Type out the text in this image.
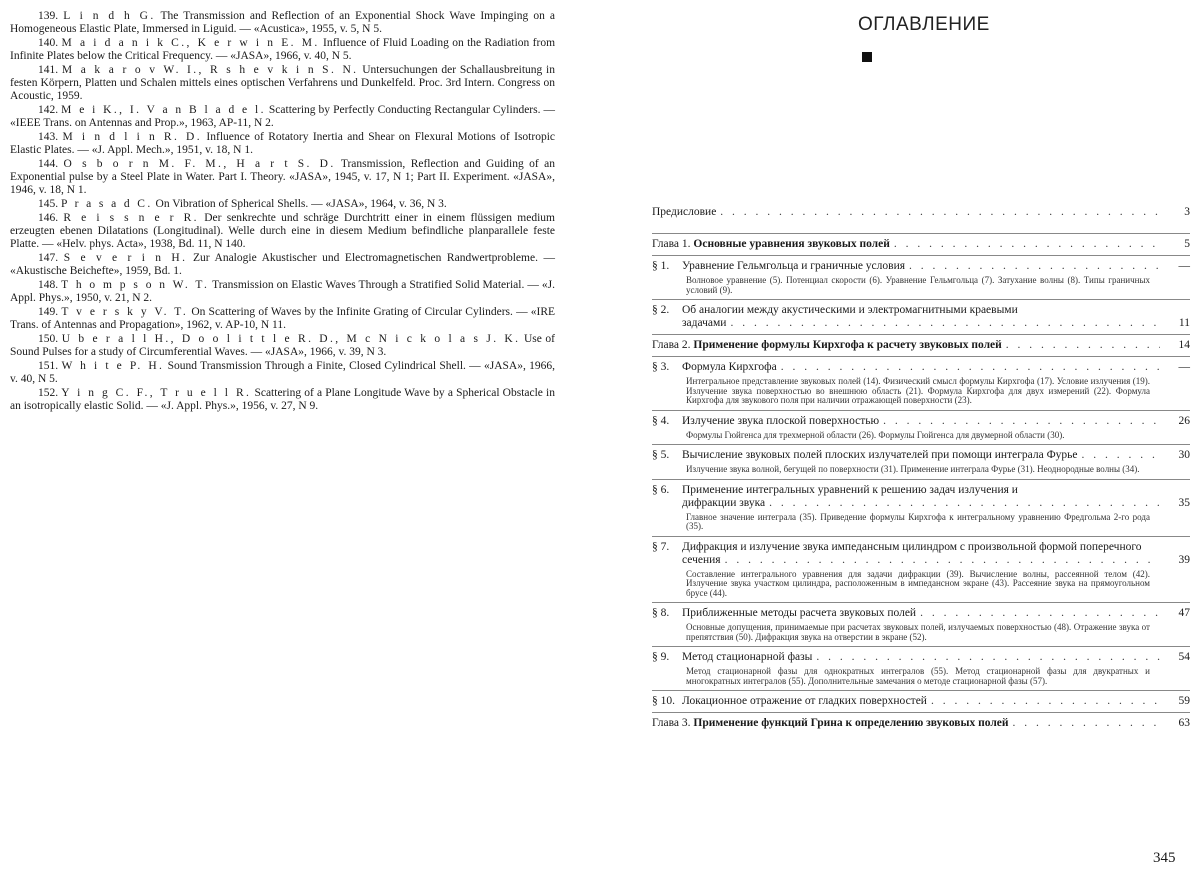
139. L i n d h G. The Transmission and Reflection of an Exponential Shock Wave Impinging on a Homogeneous Elastic Plate, Immersed in Liguid. — «Acustica», 1955, v. 5, N 5.

140. M a i d a n i k C., K e r w i n E. M. Influence of Fluid Loading on the Radiation from Infinite Plates below the Critical Frequency. — «JASA», 1966, v. 40, N 5.

141. M a k a r o v W. I., R s h e v k i n S. N. Untersuchungen der Schallausbreitung in festen Körpern, Platten und Schalen mittels eines optischen Verfahrens und Dunkelfeld. Proc. 3rd Intern. Congress on Acoustic, 1959.

142. M e i K., I. V a n B l a d e l. Scattering by Perfectly Conducting Rectangular Cylinders. — «IEEE Trans. on Antennas and Prop.», 1963, AP-11, N 2.

143. M i n d l i n R. D. Influence of Rotatory Inertia and Shear on Flexural Motions of Isotropic Elastic Plates. — «J. Appl. Mech.», 1951, v. 18, N 1.

144. O s b o r n M. F. M., H a r t S. D. Transmission, Reflection and Guiding of an Exponential pulse by a Steel Plate in Water. Part I. Theory. «JASA», 1945, v. 17, N 1; Part II. Experiment. «JASA», 1946, v. 18, N 1.

145. P r a s a d C. On Vibration of Spherical Shells. — «JASA», 1964, v. 36, N 3.

146. R e i s s n e r R. Der senkrechte und schräge Durchtritt einer in einem flüssigen medium erzeugten ebenen Dilatations (Longitudinal). Welle durch eine in diesem Medium befindliche planparallele feste Platte. — «Helv. phys. Acta», 1938, Bd. 11, N 140.

147. S e v e r i n H. Zur Analogie Akustischer und Electromagnetischen Randwertprobleme. — «Akustische Beichefte», 1959, Bd. 1.

148. T h o m p s o n W. T. Transmission on Elastic Waves Through a Stratified Solid Material. — «J. Appl. Phys.», 1950, v. 21, N 2.

149. T v e r s k y V. T. On Scattering of Waves by the Infinite Grating of Circular Cylinders. — «IRE Trans. of Antennas and Propagation», 1962, v. AP-10, N 11.

150. U b e r a l l H., D o o l i t t l e R. D., M c N i c k o l a s J. K. Use of Sound Pulses for a study of Circumferential Waves. — «JASA», 1966, v. 39, N 3.

151. W h i t e P. H. Sound Transmission Through a Finite, Closed Cylindrical Shell. — «JASA», 1966, v. 40, N 5.

152. Y i n g C. F., T r u e l l R. Scattering of a Plane Longitude Wave by a Spherical Obstacle in an isotropically elastic Solid. — «J. Appl. Phys.», 1956, v. 27, N 9.

ОГЛАВЛЕНИЕ
Предисловие . . .	3
Глава 1. Основные уравнения звуковых полей . . .	5
§ 1. Уравнение Гельмгольца и граничные условия . . .	—
Волновое уравнение (5). Потенциал скорости (6). Уравнение Гельмгольца (7). Затухание волны (8). Типы граничных условий (9).
§ 2. Об аналогии между акустическими и электромагнитными краевыми
задачами . . .	11
Глава 2. Применение формулы Кирхгофа к расчету звуковых полей . . .	14
§ 3. Формула Кирхгофа . . .	—
Интегральное представление звуковых полей (14). Физический смысл формулы Кирхгофа (17). Условие излучения (19). Излучение звука поверхностью во внешнюю область (21). Формула Кирхгофа для двух измерений (22). Формула Кирхгофа для звукового поля при наличии отражающей поверхности (23).
§ 4. Излучение звука плоской поверхностью . . .	26
Формулы Гюйгенса для трехмерной области (26). Формулы Гюйгенса для двумерной области (30).
§ 5. Вычисление звуковых полей плоских излучателей при помощи интеграла Фурье . . .	30
Излучение звука волной, бегущей по поверхности (31). Применение интеграла Фурье (31). Неоднородные волны (34).
§ 6. Применение интегральных уравнений к решению задач излучения и
дифракции звука . . .	35
Главное значение интеграла (35). Приведение формулы Кирхгофа к интегральному уравнению Фредгольма 2-го рода (35).
§ 7. Дифракция и излучение звука импедансным цилиндром с произвольной формой поперечного
сечения . . .	39
Составление интегрального уравнения для задачи дифракции (39). Вычисление волны, рассеянной телом (42). Излучение звука участком цилиндра, расположенным в импедансном экране (43). Рассеяние звука на прямоугольном брусе (44).
§ 8. Приближенные методы расчета звуковых полей . . .	47
Основные допущения, принимаемые при расчетах звуковых полей, излучаемых поверхностью (48). Отражение звука от препятствия (50). Дифракция звука на отверстии в экране (52).
§ 9. Метод стационарной фазы . . .	54
Метод стационарной фазы для однократных интегралов (55). Метод стационарной фазы для двукратных и многократных интегралов (55). Дополнительные замечания о методе стационарной фазы (57).
§ 10. Локационное отражение от гладких поверхностей . . .	59
Глава 3. Применение функций Грина к определению звуковых полей . . .	63
345
